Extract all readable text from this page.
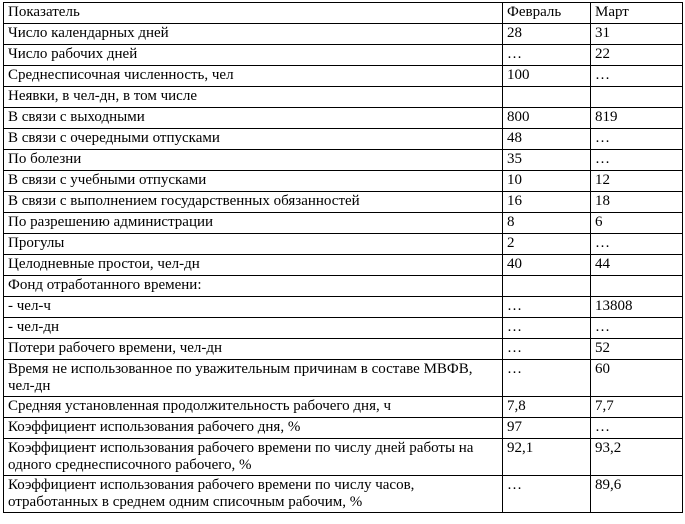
Показатель	Февраль	Март
Число календарных дней	28	31
Число рабочих дней	…	22
Среднесписочная численность, чел	100	…
Неявки, в чел-дн, в том числе		
В связи с выходными	800	819
В связи с очередными отпусками	48	…
По болезни	35	…
В связи с учебными отпусками	10	12
В связи с выполнением государственных обязанностей	16	18
По разрешению администрации	8	6
Прогулы	2	…
Целодневные простои, чел-дн	40	44
Фонд отработанного времени:		
- чел-ч	…	13808
- чел-дн	…	…
Потери рабочего времени, чел-дн	…	52
Время не использованное по уважительным причинам в составе МВФВ, чел-дн	…	60
Средняя установленная продолжительность рабочего дня, ч	7,8	7,7
Коэффициент использования рабочего дня, %	97	…
Коэффициент использования рабочего времени по числу дней работы на одного среднесписочного рабочего, %	92,1	93,2
Коэффициент использования рабочего времени по числу часов, отработанных в среднем одним списочным рабочим, %	…	89,6
